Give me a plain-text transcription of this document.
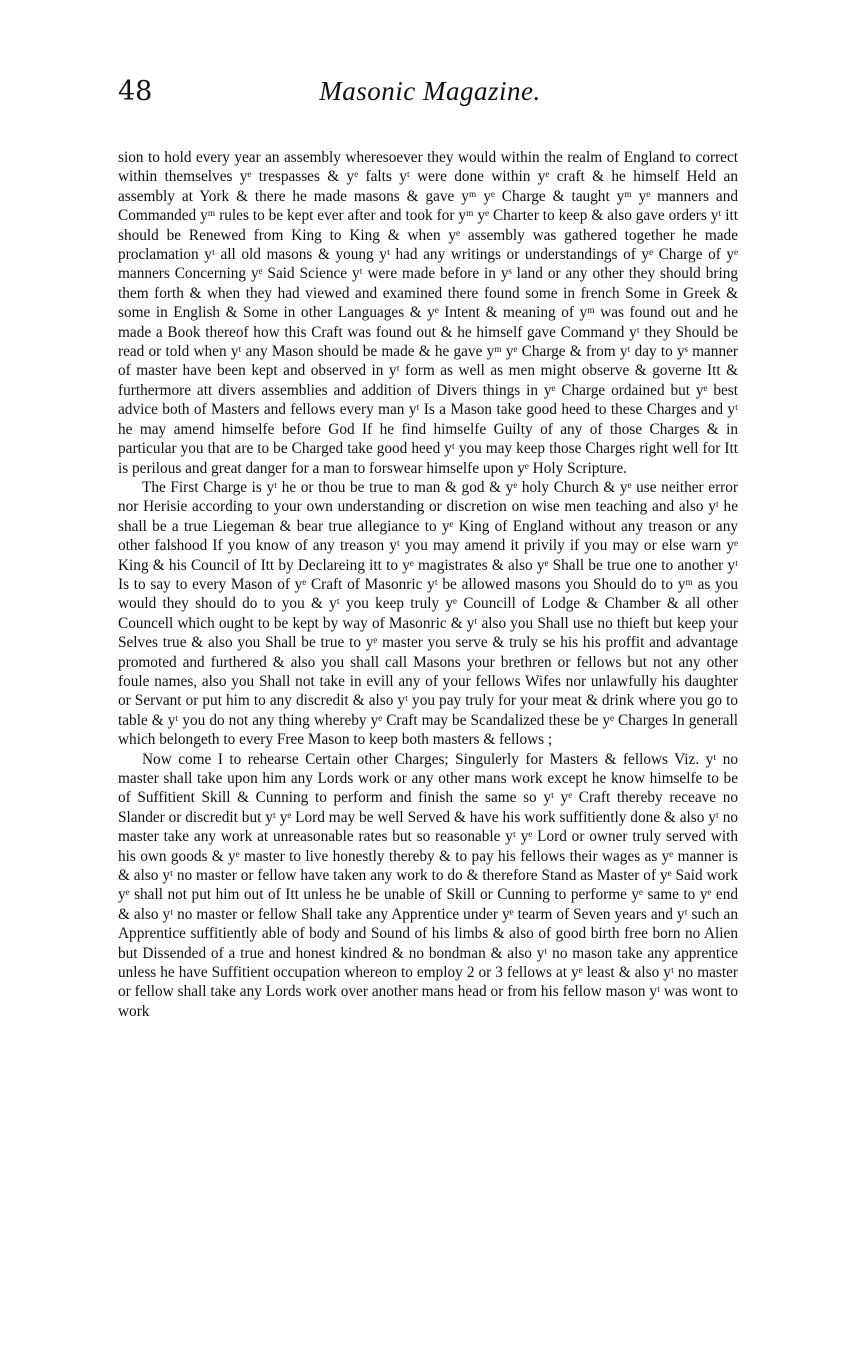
48	Masonic Magazine.

sion to hold every year an assembly wheresoever they would within the realm of England to correct within themselves yᵉ trespasses & yᵉ falts yᵗ were done within yᵉ craft & he himself Held an assembly at York & there he made masons & gave yᵐ yᵉ Charge & taught yᵐ yᵉ manners and Commanded yᵐ rules to be kept ever after and took for yᵐ yᵉ Charter to keep & also gave orders yᵗ itt should be Renewed from King to King & when yᵉ assembly was gathered together he made proclamation yᵗ all old masons & young yᵗ had any writings or understandings of yᵉ Charge of yᵉ manners Concerning yᵉ Said Science yᵗ were made before in yˢ land or any other they should bring them forth & when they had viewed and examined there found some in french Some in Greek & some in English & Some in other Languages & yᵉ Intent & meaning of yᵐ was found out and he made a Book thereof how this Craft was found out & he himself gave Command yᵗ they Should be read or told when yᵗ any Mason should be made & he gave yᵐ yᵉ Charge & from yᵗ day to yˢ manner of master have been kept and observed in yᵗ form as well as men might observe & governe Itt & furthermore att divers assemblies and addition of Divers things in yᵉ Charge ordained but yᵉ best advice both of Masters and fellows every man yᵗ Is a Mason take good heed to these Charges and yᵗ he may amend himselfe before God If he find himselfe Guilty of any of those Charges & in particular you that are to be Charged take good heed yᵗ you may keep those Charges right well for Itt is perilous and great danger for a man to forswear himselfe upon yᵉ Holy Scripture.

The First Charge is yᵗ he or thou be true to man & god & yᵉ holy Church & yᵉ use neither error nor Herisie according to your own understanding or discretion on wise men teaching and also yᵗ he shall be a true Liegeman & bear true allegiance to yᵉ King of England without any treason or any other falshood If you know of any treason yᵗ you may amend it privily if you may or else warn yᵉ King & his Council of Itt by Declareing itt to yᵉ magistrates & also yᵉ Shall be true one to another yᵗ Is to say to every Mason of yᵉ Craft of Masonric yᵗ be allowed masons you Should do to yᵐ as you would they should do to you & yᵗ you keep truly yᵉ Councill of Lodge & Chamber & all other Councell which ought to be kept by way of Masonric & yᵗ also you Shall use no thieft but keep your Selves true & also you Shall be true to yᵉ master you serve & truly se his his proffit and advantage promoted and furthered & also you shall call Masons your brethren or fellows but not any other foule names, also you Shall not take in evill any of your fellows Wifes nor unlawfully his daughter or Servant or put him to any discredit & also yᵗ you pay truly for your meat & drink where you go to table & yᵗ you do not any thing whereby yᵉ Craft may be Scandalized these be yᵉ Charges In generall which belongeth to every Free Mason to keep both masters & fellows ;

Now come I to rehearse Certain other Charges; Singulerly for Masters & fellows Viz. yᵗ no master shall take upon him any Lords work or any other mans work except he know himselfe to be of Suffitient Skill & Cunning to perform and finish the same so yᵗ yᵉ Craft thereby receave no Slander or discredit but yᵗ yᵉ Lord may be well Served & have his work suffitiently done & also yᵗ no master take any work at unreasonable rates but so reasonable yᵗ yᵉ Lord or owner truly served with his own goods & yᵉ master to live honestly thereby & to pay his fellows their wages as yᵉ manner is & also yᵗ no master or fellow have taken any work to do & therefore Stand as Master of yᵉ Said work yᵉ shall not put him out of Itt unless he be unable of Skill or Cunning to performe yᵉ same to yᵉ end & also yᵗ no master or fellow Shall take any Apprentice under yᵉ tearm of Seven years and yᵗ such an Apprentice suffitiently able of body and Sound of his limbs & also of good birth free born no Alien but Dissended of a true and honest kindred & no bondman & also yᵗ no mason take any apprentice unless he have Suffitient occupation whereon to employ 2 or 3 fellows at yᵉ least & also yᵗ no master or fellow shall take any Lords work over another mans head or from his fellow mason yᵗ was wont to work
